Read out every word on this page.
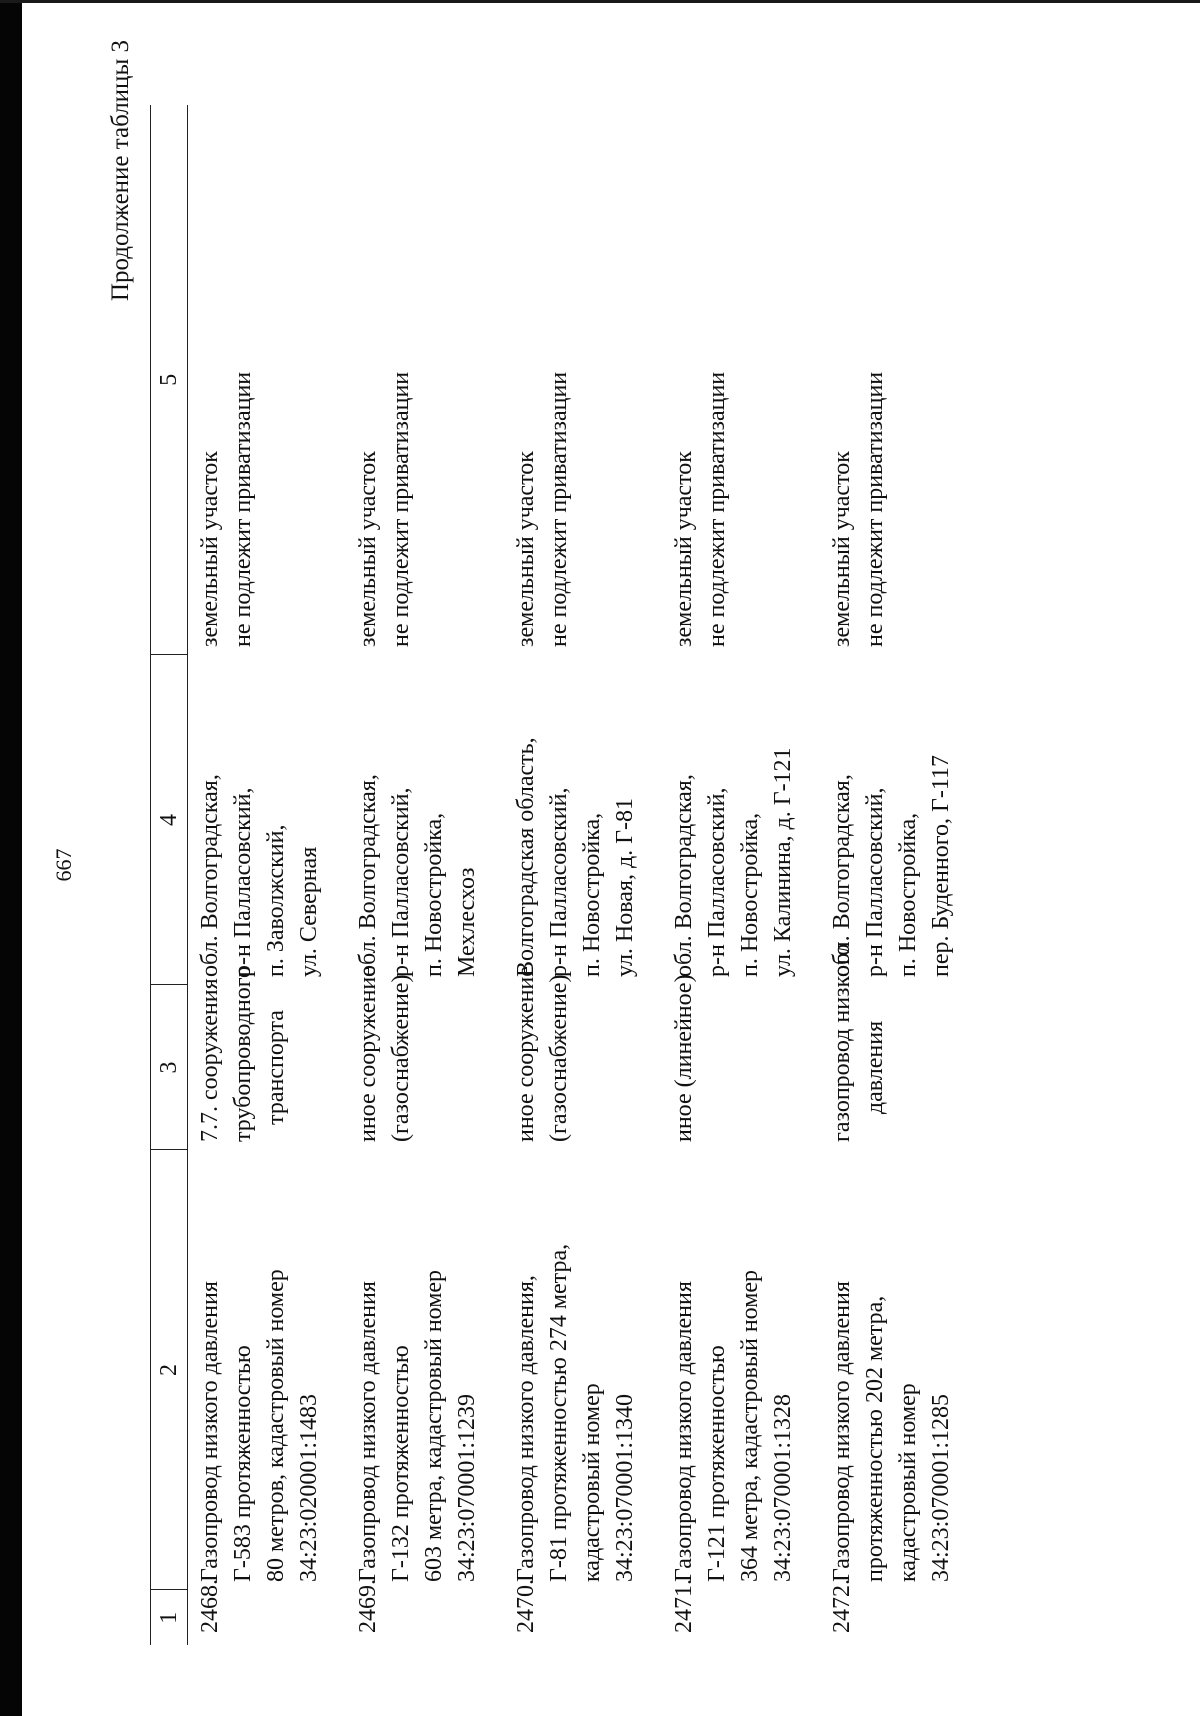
667
Продолжение таблицы 3
1	2	3	4	5
2468.	Газопровод низкого давления Г-583 протяженностью 80 метров, кадастровый номер 34:23:020001:1483	7.7. сооружения трубопроводного транспорта	обл. Волгоградская, р-н Палласовский, п. Заволжский, ул. Северная	земельный участок не подлежит приватизации

2469.	Газопровод низкого давления Г-132 протяженностью 603 метра, кадастровый номер 34:23:070001:1239	иное сооружение (газоснабжение)	обл. Волгоградская, р-н Палласовский, п. Новостройка, Мехлесхоз	земельный участок не подлежит приватизации

2470.	Газопровод низкого давления, Г-81 протяженностью 274 метра, кадастровый номер 34:23:070001:1340	иное сооружение (газоснабжение)	Волгоградская область, р-н Палласовский, п. Новостройка, ул. Новая, д. Г-81	земельный участок не подлежит приватизации

2471.	Газопровод низкого давления Г-121 протяженностью 364 метра, кадастровый номер 34:23:070001:1328	иное (линейное)	обл. Волгоградская, р-н Палласовский, п. Новостройка, ул. Калинина, д. Г-121	земельный участок не подлежит приватизации

2472.	Газопровод низкого давления протяженностью 202 метра, кадастровый номер 34:23:070001:1285	газопровод низкого давления	обл. Волгоградская, р-н Палласовский, п. Новостройка, пер. Буденного, Г-117	земельный участок не подлежит приватизации
